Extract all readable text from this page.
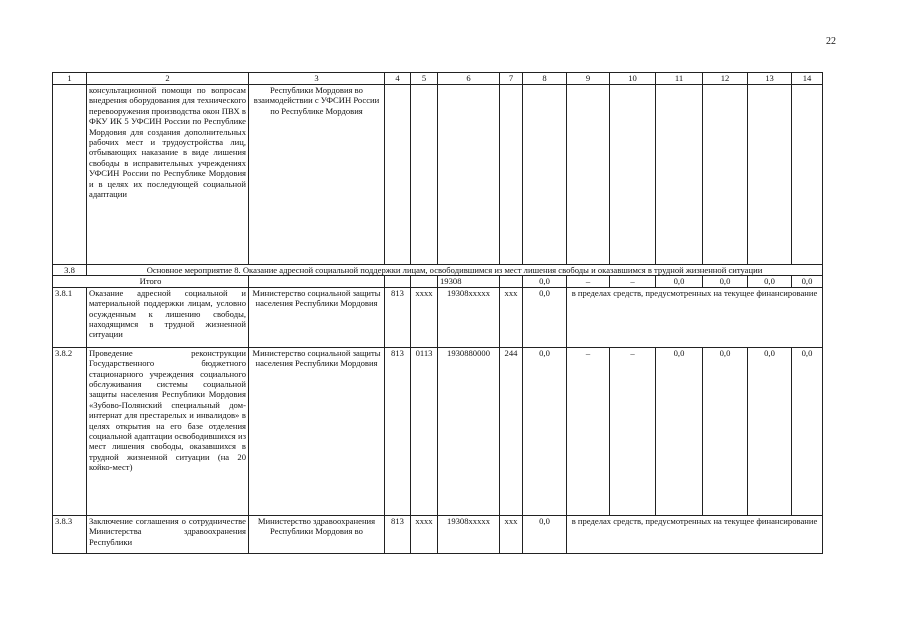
22
1	2	3	4	5	6	7	8	9	10	11	12	13	14
	консультационной помощи по вопросам внедрения оборудования для технического перевооружения производства окон ПВХ в ФКУ ИК 5 УФСИН России по Республике Мордовия для создания дополнительных рабочих мест и трудоустройства лиц, отбывающих наказание в виде лишения свободы в исправительных учреждениях УФСИН России по Республике Мордовия и в целях их последующей социальной адаптации	Республики Мордовия во взаимодействии с УФСИН России по Республике Мордовия											
3.8	Основное мероприятие 8. Оказание адресной социальной поддержки лицам, освободившимся из мест лишения свободы и оказавшимся в трудной жизненной ситуации												
Итого					19308		0,0	–	–	0,0	0,0	0,0	0,0
3.8.1	Оказание адресной социальной и материальной поддержки лицам, условно осужденным к лишению свободы, находящимся в трудной жизненной ситуации	Министерство социальной защиты населения Республики Мордовия	813	хххх	19308ххххх	ххх	0,0	в пределах средств, предусмотренных на текущее финансирование					
3.8.2	Проведение реконструкции Государственного бюджетного стационарного учреждения социального обслуживания системы социальной защиты населения Республики Мордовия «Зубово-Полянский специальный дом-интернат для престарелых и инвалидов» в целях открытия на его базе отделения социальной адаптации освободившихся из мест лишения свободы, оказавшихся в трудной жизненной ситуации (на 20 койко-мест)	Министерство социальной защиты населения Республики Мордовия	813	0113	1930880000	244	0,0	–	–	0,0	0,0	0,0	0,0
3.8.3	Заключение соглашения о сотрудничестве Министерства здравоохранения Республики	Министерство здравоохранения Республики Мордовия во	813	хххх	19308ххххх	ххх	0,0	в пределах средств, предусмотренных на текущее финансирование					
